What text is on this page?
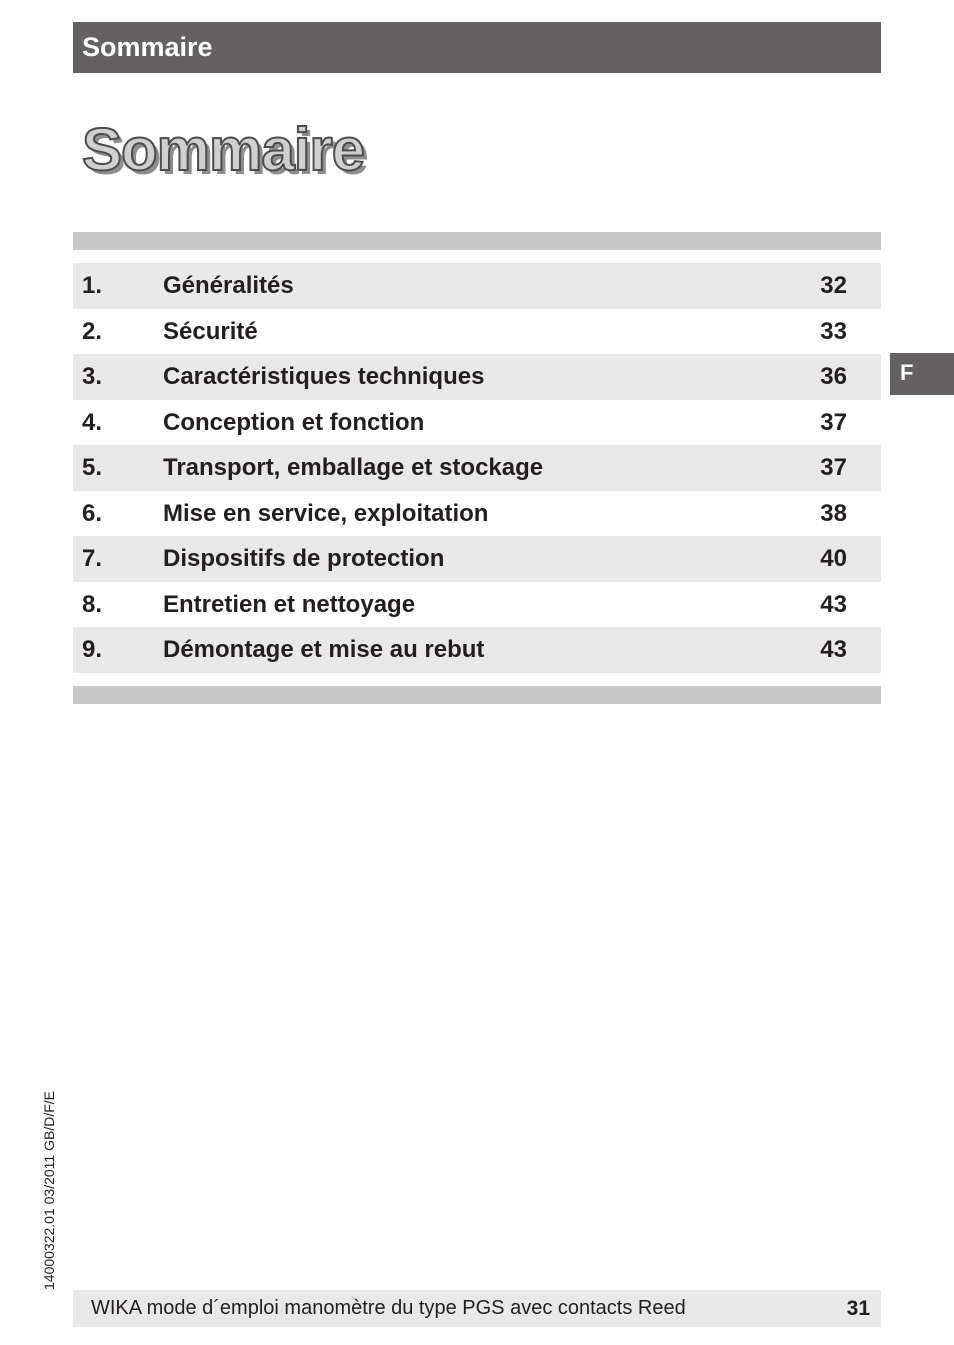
Sommaire
Sommaire
1.	Généralités	32
2.	Sécurité	33
3.	Caractéristiques techniques	36
4.	Conception et fonction	37
5.	Transport, emballage et stockage	37
6.	Mise en service, exploitation	38
7.	Dispositifs de protection	40
8.	Entretien et nettoyage	43
9.	Démontage et mise au rebut	43
F
14000322.01 03/2011 GB/D/F/E
WIKA mode d´emploi manomètre du type PGS avec contacts Reed	31
